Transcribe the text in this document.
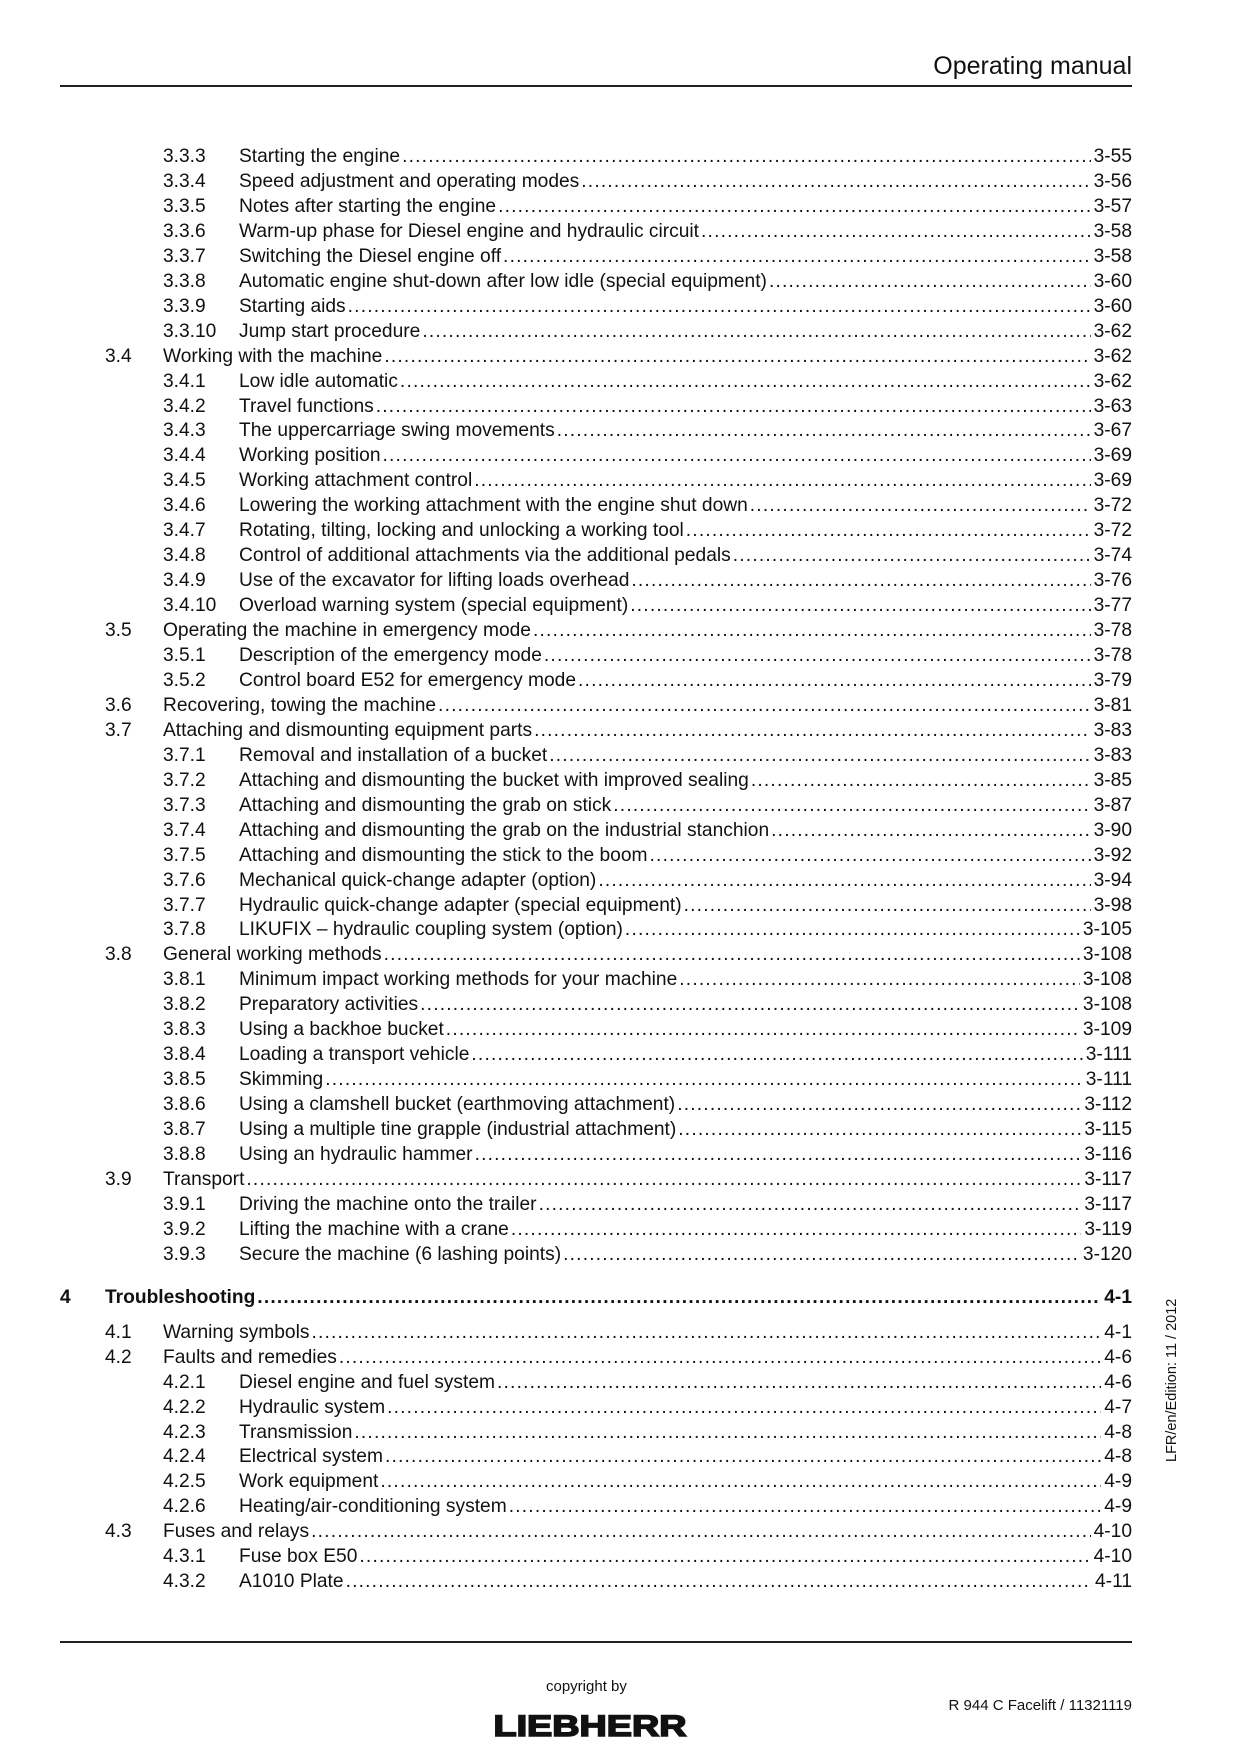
Operating manual
3.3.3 Starting the engine .....	3-55
3.3.4 Speed adjustment and operating modes .....	3-56
3.3.5 Notes after starting the engine .....	3-57
3.3.6 Warm-up phase for Diesel engine and hydraulic circuit .....	3-58
3.3.7 Switching the Diesel engine off .....	3-58
3.3.8 Automatic engine shut-down after low idle (special equipment) .....	3-60
3.3.9 Starting aids .....	3-60
3.3.10 Jump start procedure .....	3-62
3.4 Working with the machine .....	3-62
3.4.1 Low idle automatic .....	3-62
3.4.2 Travel functions .....	3-63
3.4.3 The uppercarriage swing movements .....	3-67
3.4.4 Working position .....	3-69
3.4.5 Working attachment control .....	3-69
3.4.6 Lowering the working attachment with the engine shut down .....	3-72
3.4.7 Rotating, tilting, locking and unlocking a working tool .....	3-72
3.4.8 Control of additional attachments via the additional pedals .....	3-74
3.4.9 Use of the excavator for lifting loads overhead .....	3-76
3.4.10 Overload warning system (special equipment) .....	3-77
3.5 Operating the machine in emergency mode .....	3-78
3.5.1 Description of the emergency mode .....	3-78
3.5.2 Control board E52 for emergency mode .....	3-79
3.6 Recovering, towing the machine .....	3-81
3.7 Attaching and dismounting equipment parts .....	3-83
3.7.1 Removal and installation of a bucket .....	3-83
3.7.2 Attaching and dismounting the bucket with improved sealing .....	3-85
3.7.3 Attaching and dismounting the grab on stick .....	3-87
3.7.4 Attaching and dismounting the grab on the industrial stanchion .....	3-90
3.7.5 Attaching and dismounting the stick to the boom .....	3-92
3.7.6 Mechanical quick-change adapter (option) .....	3-94
3.7.7 Hydraulic quick-change adapter (special equipment) .....	3-98
3.7.8 LIKUFIX – hydraulic coupling system (option) .....	3-105
3.8 General working methods .....	3-108
3.8.1 Minimum impact working methods for your machine .....	3-108
3.8.2 Preparatory activities .....	3-108
3.8.3 Using a backhoe bucket .....	3-109
3.8.4 Loading a transport vehicle .....	3-111
3.8.5 Skimming .....	3-111
3.8.6 Using a clamshell bucket (earthmoving attachment) .....	3-112
3.8.7 Using a multiple tine grapple (industrial attachment) .....	3-115
3.8.8 Using an hydraulic hammer .....	3-116
3.9 Transport .....	3-117
3.9.1 Driving the machine onto the trailer .....	3-117
3.9.2 Lifting the machine with a crane .....	3-119
3.9.3 Secure the machine (6 lashing points) .....	3-120
4 Troubleshooting .....	4-1
4.1 Warning symbols .....	4-1
4.2 Faults and remedies .....	4-6
4.2.1 Diesel engine and fuel system .....	4-6
4.2.2 Hydraulic system .....	4-7
4.2.3 Transmission .....	4-8
4.2.4 Electrical system .....	4-8
4.2.5 Work equipment .....	4-9
4.2.6 Heating/air-conditioning system .....	4-9
4.3 Fuses and relays .....	4-10
4.3.1 Fuse box E50 .....	4-10
4.3.2 A1010 Plate .....	4-11
LFR/en/Edition: 11 / 2012
copyright by
LIEBHERR
R 944 C Facelift / 11321119
